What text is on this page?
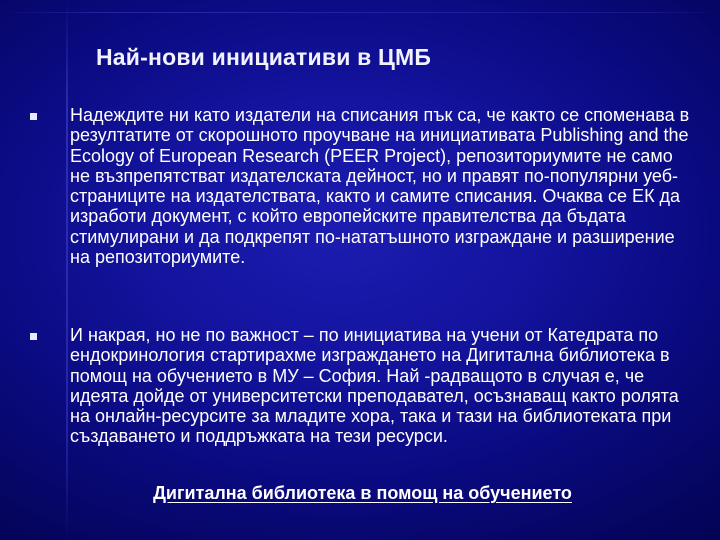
Най-нови инициативи в ЦМБ
Надеждите ни като издатели на списания пък са, че както се споменава в резултатите от скорошното проучване на инициативата Publishing and the Ecology of European Research (PEER Project), репозиториумите не само не възпрепятстват издателската дейност, но и правят по-популярни уеб-страниците на издателствата, както и самите списания. Очаква се ЕК да изработи документ, с който европейските правителства да бъдата стимулирани и да подкрепят по-нататъшното изграждане и разширение на репозиториумите.
И накрая, но не по важност – по инициатива на учени от Катедрата по ендокринология стартирахме изграждането на Дигитална библиотека в помощ на обучението в МУ – София. Най -радващото в случая е, че идеята дойде от университетски преподавател, осъзнаващ както ролята на онлайн-ресурсите за младите хора, така и тази на библиотеката при създаването и поддръжката на тези ресурси.
Дигитална библиотека в помощ на обучението
